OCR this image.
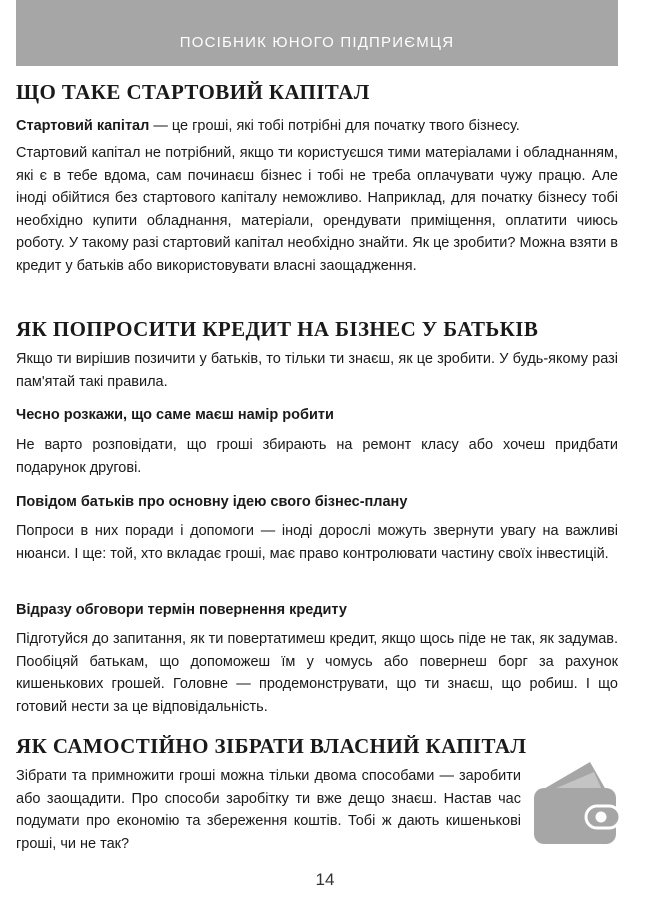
ПОСІБНИК ЮНОГО ПІДПРИЄМЦЯ
ЩО ТАКЕ СТАРТОВИЙ КАПІТАЛ

Стартовий капітал — це гроші, які тобі потрібні для початку твого бізнесу.

Стартовий капітал не потрібний, якщо ти користуєшся тими матеріалами і обладнанням, які є в тебе вдома, сам починаєш бізнес і тобі не треба оплачувати чужу працю. Але іноді обійтися без стартового капіталу неможливо. Наприклад, для початку бізнесу тобі необхідно купити обладнання, матеріали, орендувати приміщення, оплатити чиюсь роботу. У такому разі стартовий капітал необхідно знайти. Як це зробити? Можна взяти в кредит у батьків або використовувати власні заощадження.

ЯК ПОПРОСИТИ КРЕДИТ НА БІЗНЕС У БАТЬКІВ

Якщо ти вирішив позичити у батьків, то тільки ти знаєш, як це зробити. У будь-якому разі пам'ятай такі правила.

Чесно розкажи, що саме маєш намір робити

Не варто розповідати, що гроші збирають на ремонт класу або хочеш придбати подарунок другові.

Повідом батьків про основну ідею свого бізнес-плану

Попроси в них поради і допомоги — іноді дорослі можуть звернути увагу на важливі нюанси. І ще: той, хто вкладає гроші, має право контролювати частину своїх інвестицій.

Відразу обговори термін повернення кредиту

Підготуйся до запитання, як ти повертатимеш кредит, якщо щось піде не так, як задумав. Пообіцяй батькам, що допоможеш їм у чомусь або повернеш борг за рахунок кишенькових грошей. Головне — продемонструвати, що ти знаєш, що робиш. І що готовий нести за це відповідальність.

ЯК САМОСТІЙНО ЗІБРАТИ ВЛАСНИЙ КАПІТАЛ

Зібрати та примножити гроші можна тільки двома способами — заробити або заощадити. Про способи заробітку ти вже дещо знаєш. Настав час подумати про економію та збереження коштів. Тобі ж дають кишенькові гроші, чи не так?

14
